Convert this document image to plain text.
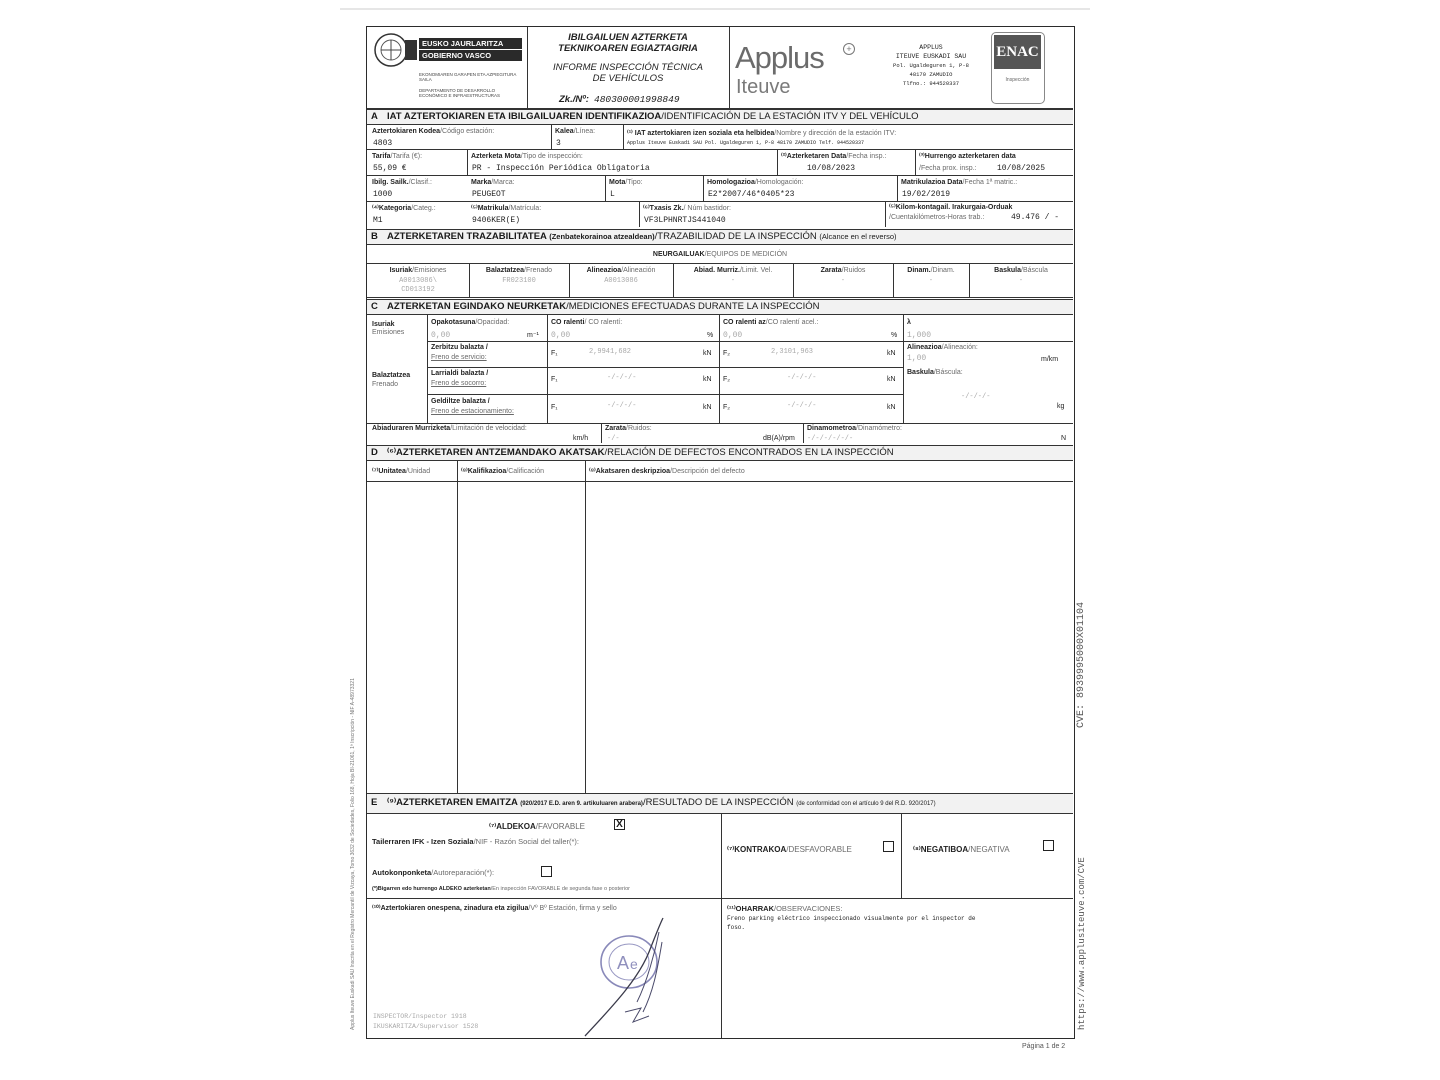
EUSKO JAURLARITZA
GOBIERNO VASCO
EKONOMIAREN GARAPEN ETA AZPIEGITURA SAILA
DEPARTAMENTO DE DESARROLLO ECONÓMICO E INFRAESTRUCTURAS
IBILGAILUEN AZTERKETA
TEKNIKOAREN EGIAZTAGIRIA
INFORME INSPECCIÓN TÉCNICA
DE VEHÍCULOS
Zk./Nº: 480300001998849
Applus	+
Iteuve
APPLUS
ITEUVE EUSKADI SAU
Pol. Ugaldeguren 1, P-8
48170 ZAMUDIO
Tlfno.: 944520337
ENAC
Inspección
A IAT AZTERTOKIAREN ETA IBILGAILUAREN IDENTIFIKAZIOA/IDENTIFICACIÓN DE LA ESTACIÓN ITV Y DEL VEHÍCULO
Aztertokiaren Kodea/Código estación:
4803
Kalea/Línea:
3
⁽¹⁾ IAT aztertokiaren izen soziala eta helbidea/Nombre y dirección de la estación ITV:
Applus Iteuve Euskadi SAU Pol. Ugaldeguren 1, P-8 48170 ZAMUDIO Telf. 944520337
Tarifa/Tarifa (€):
55,09 €
Azterketa Mota/Tipo de inspección:
PR - Inspección Periódica Obligatoria
⁽²⁾Azterketaren Data/Fecha insp.:
10/08/2023
⁽³⁾Hurrengo azterketaren data
/Fecha prox. insp.:	10/08/2025
Ibilg. Sailk./Clasif.:
1000
Marka/Marca:
PEUGEOT
Mota/Tipo:
L
Homologazioa/Homologación:
E2*2007/46*0405*23
Matrikulazioa Data/Fecha 1ª matric.:
19/02/2019
⁽⁴⁾Kategoria/Categ.:
M1
⁽⁵⁾Matrikula/Matrícula:
9406KER(E)
⁽⁶⁾Txasis Zk./ Núm bastidor:
VF3LPHNRTJS441040
⁽⁵⁾Kilom-kontagail. Irakurgaia-Orduak
/Cuentakilómetros-Horas trab.:	49.476 / -
B AZTERKETAREN TRAZABILITATEA (Zenbatekorainoa atzealdean)/TRAZABILIDAD DE LA INSPECCIÓN (Alcance en el reverso)
NEURGAILUAK/EQUIPOS DE MEDICIÓN
Isuriak/Emisiones
A0013086\
CD013192
Balaztatzea/Frenado
FR023100
Alineazioa/Alineación
A0013086
Abiad. Murriz./Limit. Vel.
-
Zarata/Ruidos
-
Dinam./Dinam.
-
Baskula/Báscula
-
C AZTERKETAN EGINDAKO NEURKETAK/MEDICIONES EFECTUADAS DURANTE LA INSPECCIÓN
Isuriak
Emisiones
Opakotasuna/Opacidad:
0,00	m⁻¹
CO ralenti/ CO ralentí:
0,00	%
CO ralenti az/CO ralentí acel.:
0,00	%
λ
1,000
Balaztatzea
Frenado
Zerbitzu balazta /
Freno de servicio:
F₁	2,9941,682	kN F₂	2,3101,963	kN
Larrialdi balazta /
Freno de socorro:
F₁	-/-/-/-	kN F₂	-/-/-/-	kN
Geldiltze balazta /
Freno de estacionamiento:
F₁	-/-/-/-	kN F₂	-/-/-/-	kN
Alineazioa/Alineación:
1,00	m/km
Baskula/Báscula:
-/-/-/-
kg
Abiaduraren Murrizketa/Limitación de velocidad:
km/h
Zarata/Ruidos:
-/-	dB(A)/rpm
Dinamometroa/Dinamómetro:
-/-/-/-/-/-	N
D ⁽⁶⁾AZTERKETAREN ANTZEMANDAKO AKATSAK/RELACIÓN DE DEFECTOS ENCONTRADOS EN LA INSPECCIÓN
⁽⁷⁾Unitatea/Unidad	⁽⁸⁾Kalifikazioa/Calificación	⁽⁸⁾Akatsaren deskripzioa/Descripción del defecto
E ⁽⁹⁾AZTERKETAREN EMAITZA (920/2017 E.D. aren 9. artikuluaren arabera)/RESULTADO DE LA INSPECCIÓN (de conformidad con el artículo 9 del R.D. 920/2017)
⁽⁷⁾ALDEKOA/FAVORABLE	X
Tailerraren IFK - Izen Soziala/NIF - Razón Social del taller(*):
Autokonponketa/Autoreparación(*):
(*)Bigarren edo hurrengo ALDEKO azterketan/En inspección FAVORABLE de segunda fase o posterior
⁽⁷⁾KONTRAKOA/DESFAVORABLE	⁽⁸⁾NEGATIBOA/NEGATIVA
⁽¹⁰⁾Aztertokiaren onespena, zinadura eta zigilua/Vº Bº Estación, firma y sello
A e
INSPECTOR/Inspector 1918
IKUSKARITZA/Supervisor 1528
⁽¹¹⁾OHARRAK/OBSERVACIONES:
Freno parking eléctrico inspeccionado visualmente por el inspector de
foso.
Página 1 de 2
Applus Iteuve Euskadi SAU Inscrita en el Registro Mercantil de Vizcaya, Tomo 3632 de Sociedades, Folio 168, Hoja BI-21061, 1ª Inscripción - NIF A-48973321
CVE: 8939995000X01104
https://www.applusiteuve.com/CVE
